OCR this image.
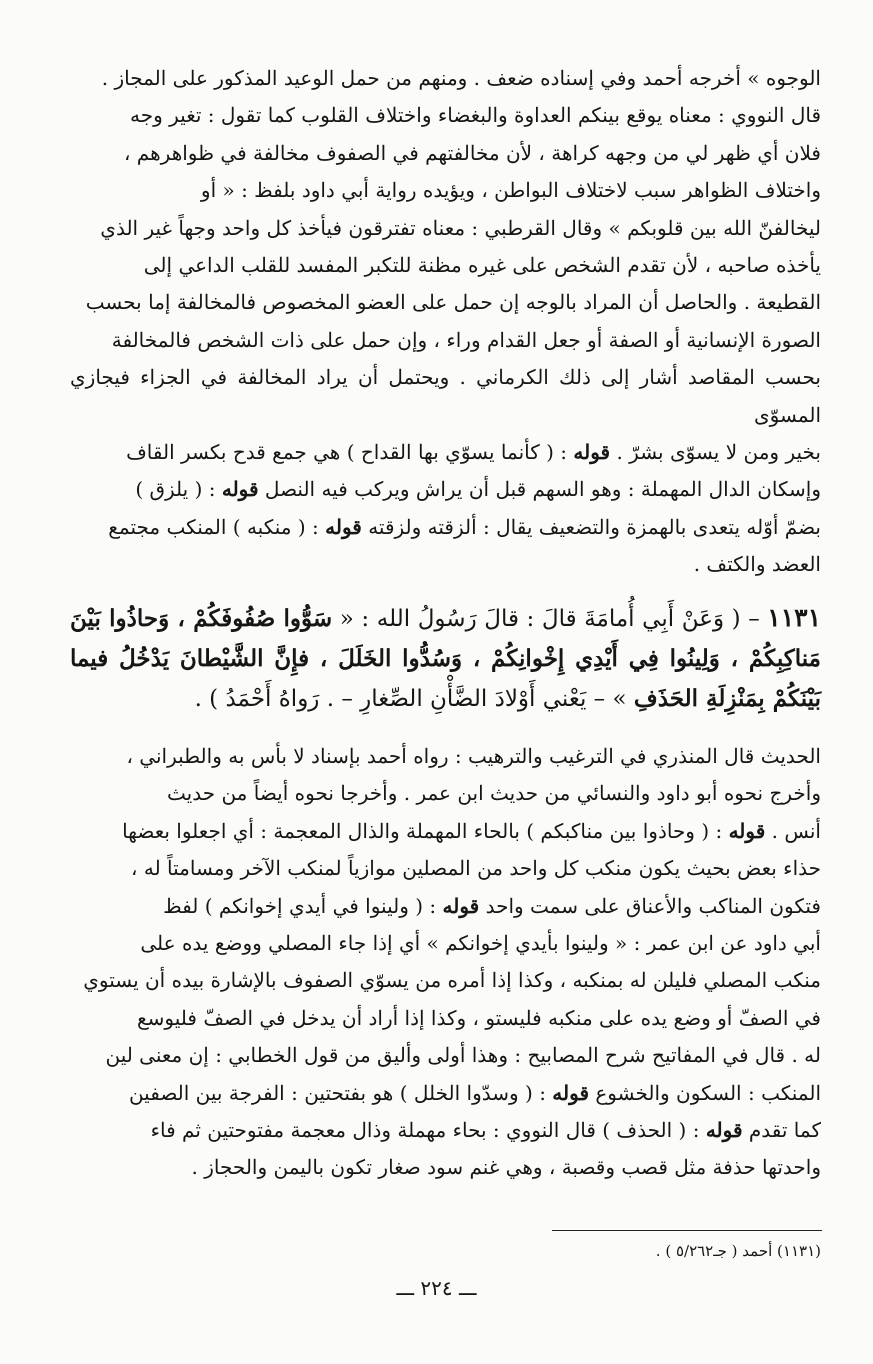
الوجوه » أخرجه أحمد وفي إسناده ضعف . ومنهم من حمل الوعيد المذكور على المجاز .
قال النووي : معناه يوقع بينكم العداوة والبغضاء واختلاف القلوب كما تقول : تغير وجه
فلان أي ظهر لي من وجهه كراهة ، لأن مخالفتهم في الصفوف مخالفة في ظواهرهم ،
واختلاف الظواهر سبب لاختلاف البواطن ، ويؤيده رواية أبي داود بلفظ : « أو
ليخالفنّ الله بين قلوبكم » وقال القرطبي : معناه تفترقون فيأخذ كل واحد وجهاً غير الذي
يأخذه صاحبه ، لأن تقدم الشخص على غيره مظنة للتكبر المفسد للقلب الداعي إلى
القطيعة . والحاصل أن المراد بالوجه إن حمل على العضو المخصوص فالمخالفة إما بحسب
الصورة الإنسانية أو الصفة أو جعل القدام وراء ، وإن حمل على ذات الشخص فالمخالفة
بحسب المقاصد أشار إلى ذلك الكرماني . ويحتمل أن يراد المخالفة في الجزاء فيجازي المسوّى
بخير ومن لا يسوّى بشرّ . قوله : ( كأنما يسوّي بها القداح ) هي جمع قدح بكسر القاف
وإسكان الدال المهملة : وهو السهم قبل أن يراش ويركب فيه النصل قوله : ( يلزق )
بضمّ أوّله يتعدى بالهمزة والتضعيف يقال : ألزقته ولزقته قوله : ( منكبه ) المنكب مجتمع
العضد والكتف .

١١٣١ – ( وَعَنْ أَبِي أُمامَةَ قالَ : قالَ رَسُولُ الله : « سَوُّوا صُفُوفَكُمْ ، وَحاذُوا بَيْنَ مَناكِبِكُمْ ، وَلِينُوا فِي أَيْدِي إِخْوانِكُمْ ، وَسُدُّوا الخَلَلَ ، فإِنَّ الشَّيْطانَ يَدْخُلُ فيما بَيْنَكُمْ بِمَنْزِلَةِ الحَذَفِ » – يَعْني أَوْلادَ الضَّأْنِ الصِّغارِ – . رَواهُ أَحْمَدُ ) .

الحديث قال المنذري في الترغيب والترهيب : رواه أحمد بإسناد لا بأس به والطبراني ،
وأخرج نحوه أبو داود والنسائي من حديث ابن عمر . وأخرجا نحوه أيضاً من حديث
أنس . قوله : ( وحاذوا بين مناكبكم ) بالحاء المهملة والذال المعجمة : أي اجعلوا بعضها
حذاء بعض بحيث يكون منكب كل واحد من المصلين موازياً لمنكب الآخر ومسامتاً له ،
فتكون المناكب والأعناق على سمت واحد قوله : ( ولينوا في أيدي إخوانكم ) لفظ
أبي داود عن ابن عمر : « ولينوا بأيدي إخوانكم » أي إذا جاء المصلي ووضع يده على
منكب المصلي فليلن له بمنكبه ، وكذا إذا أمره من يسوّي الصفوف بالإشارة بيده أن يستوي
في الصفّ أو وضع يده على منكبه فليستو ، وكذا إذا أراد أن يدخل في الصفّ فليوسع
له . قال في المفاتيح شرح المصابيح : وهذا أولى وأليق من قول الخطابي : إن معنى لين
المنكب : السكون والخشوع قوله : ( وسدّوا الخلل ) هو بفتحتين : الفرجة بين الصفين
كما تقدم قوله : ( الحذف ) قال النووي : بحاء مهملة وذال معجمة مفتوحتين ثم فاء
واحدتها حذفة مثل قصب وقصبة ، وهي غنم سود صغار تكون باليمن والحجاز .

(١١٣١) أحمد ( جـ٥/٢٦٢ ) .

ـــ ٢٢٤ ـــ
